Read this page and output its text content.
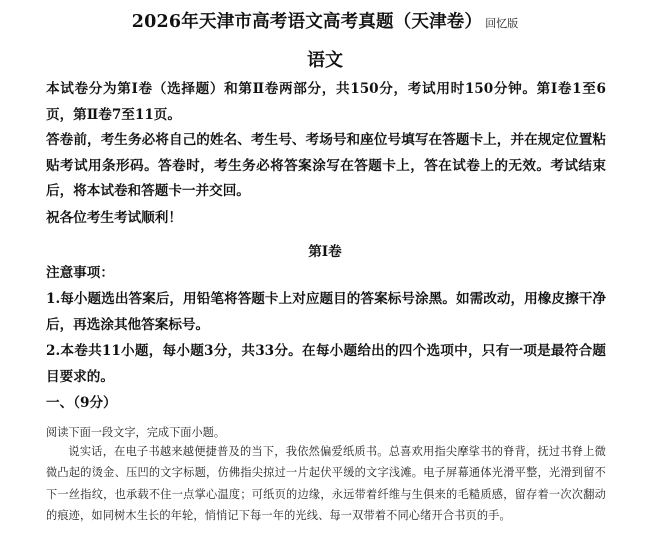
2026年天津市高考语文高考真题（天津卷） 回忆版
语文
本试卷分为第Ⅰ卷（选择题）和第Ⅱ卷两部分，共150分，考试用时150分钟。第Ⅰ卷1至6页，第Ⅱ卷7至11页。
答卷前，考生务必将自己的姓名、考生号、考场号和座位号填写在答题卡上，并在规定位置粘贴考试用条形码。答卷时，考生务必将答案涂写在答题卡上，答在试卷上的无效。考试结束后，将本试卷和答题卡一并交回。
祝各位考生考试顺利！
第Ⅰ卷
注意事项：
1.每小题选出答案后，用铅笔将答题卡上对应题目的答案标号涂黑。如需改动，用橡皮擦干净后，再选涂其他答案标号。
2.本卷共11小题，每小题3分，共33分。在每小题给出的四个选项中，只有一项是最符合题目要求的。
一、（9分）
阅读下面一段文字，完成下面小题。
说实话，在电子书越来越便捷普及的当下，我依然偏爱纸质书。总喜欢用指尖摩挲书的脊背，抚过书脊上微微凸起的烫金、压凹的文字标题，仿佛指尖掠过一片起伏平缓的文字浅滩。电子屏幕通体光滑平整，光滑到留不下一丝指纹，也承载不住一点掌心温度；可纸页的边缘，永远带着纤维与生俱来的毛糙质感，留存着一次次翻动的痕迹，如同树木生长的年轮，悄悄记下每一年的光线、每一双带着不同心绪开合书页的手。
